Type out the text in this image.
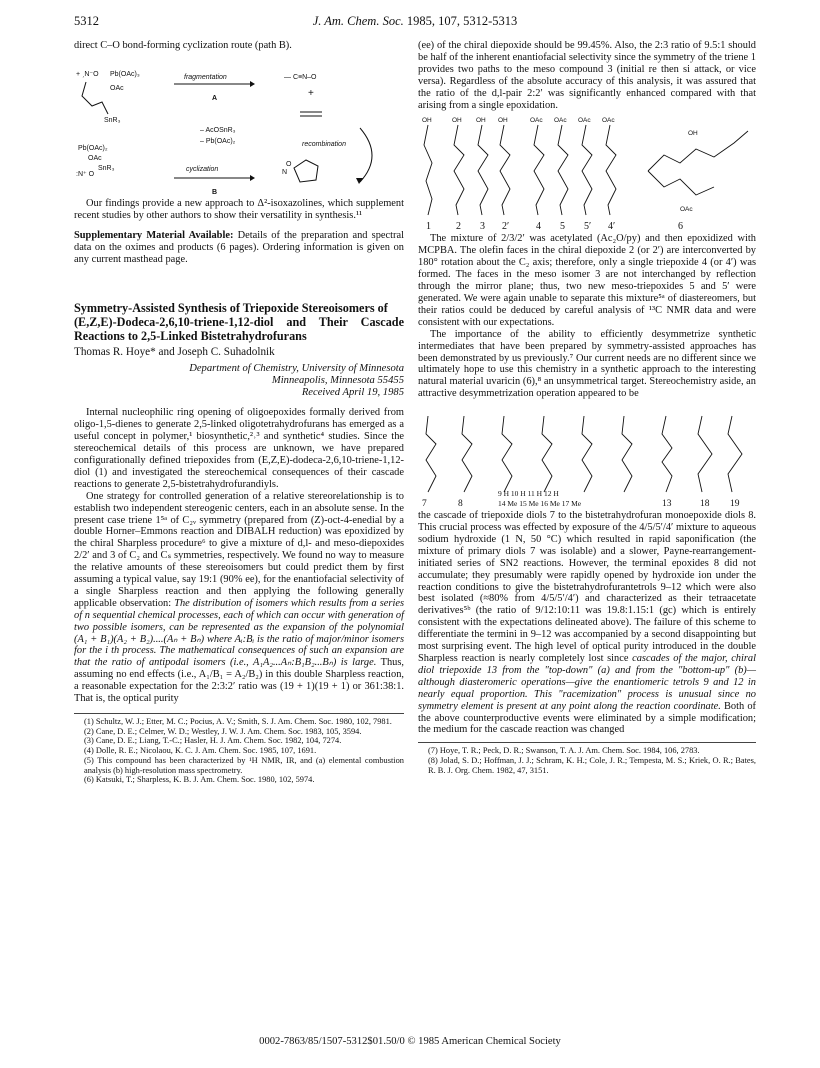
5312	J. Am. Chem. Soc. 1985, 107, 5312-5313

direct C–O bond-forming cyclization route (path B).

+ ˏN⁻O Pb(OAc)₃
OAc
SnR₃
fragmentation
A
— C≡N–O
+
– AcOSnR₃
– Pb(OAc)₂	recombination
Pb(OAc)₂
OAc
:N⁺ O
SnR₃	cyclization
B
N
O

Our findings provide a new approach to Δ²-isoxazolines, which supplement recent studies by other authors to show their versatility in synthesis.¹¹

Supplementary Material Available: Details of the preparation and spectral data on the oximes and products (6 pages). Ordering information is given on any current masthead page.

Symmetry-Assisted Synthesis of Triepoxide Stereoisomers of
(E,Z,E)-Dodeca-2,6,10-triene-1,12-diol and Their Cascade Reactions to 2,5-Linked Bistetrahydrofurans
Thomas R. Hoye* and Joseph C. Suhadolnik
Department of Chemistry, University of Minnesota
Minneapolis, Minnesota 55455
Received April 19, 1985

Internal nucleophilic ring opening of oligoepoxides formally derived from oligo-1,5-dienes to generate 2,5-linked oligotetrahydrofurans has emerged as a useful concept in polymer,¹ biosynthetic,²˒³ and synthetic⁴ studies. Since the stereochemical details of this process are unknown, we have prepared configurationally defined triepoxides from (E,Z,E)-dodeca-2,6,10-triene-1,12-diol (1) and investigated the stereochemical consequences of their cascade reactions to generate 2,5-bistetrahydrofurandiyls.

One strategy for controlled generation of a relative stereorelationship is to establish two independent stereogenic centers, each in an absolute sense. In the present case triene 1⁵ᵃ of C₂ᵥ symmetry (prepared from (Z)-oct-4-enedial by a double Horner–Emmons reaction and DIBALH reduction) was epoxidized by the chiral Sharpless procedure⁶ to give a mixture of d,l- and meso-diepoxides 2/2′ and 3 of C₂ and Cₛ symmetries, respectively. We found no way to measure the relative amounts of these stereoisomers but could predict them by first assuming a typical value, say 19:1 (90% ee), for the enantiofacial selectivity of a single Sharpless reaction and then applying the following generally applicable observation: The distribution of isomers which results from a series of n sequential chemical processes, each of which can occur with generation of two possible isomers, can be represented as the expansion of the polynomial (A₁ + B₁)(A₂ + B₂)....(Aₙ + Bₙ) where Aᵢ:Bᵢ is the ratio of major/minor isomers for the i th process. The mathematical consequences of such an expansion are that the ratio of antipodal isomers (i.e., A₁A₂...Aₙ:B₁B₂...Bₙ) is large. Thus, assuming no end effects (i.e., A₁/B₁ = A₂/B₂) in this double Sharpless reaction, a reasonable expectation for the 2:3:2′ ratio was (19 + 1)(19 + 1) or 361:38:1. That is, the optical purity

(1) Schultz, W. J.; Etter, M. C.; Pocius, A. V.; Smith, S. J. Am. Chem. Soc. 1980, 102, 7981.
(2) Cane, D. E.; Celmer, W. D.; Westley, J. W. J. Am. Chem. Soc. 1983, 105, 3594.
(3) Cane, D. E.; Liang, T.-C.; Hasler, H. J. Am. Chem. Soc. 1982, 104, 7274.
(4) Dolle, R. E.; Nicolaou, K. C. J. Am. Chem. Soc. 1985, 107, 1691.
(5) This compound has been characterized by ¹H NMR, IR, and (a) elemental combustion analysis (b) high-resolution mass spectrometry.
(6) Katsuki, T.; Sharpless, K. B. J. Am. Chem. Soc. 1980, 102, 5974.

(ee) of the chiral diepoxide should be 99.45%. Also, the 2:3 ratio of 9.5:1 should be half of the inherent enantiofacial selectivity since the symmetry of the triene 1 provides two paths to the meso compound 3 (initial re then si attack, or vice versa). Regardless of the absolute accuracy of this analysis, it was assured that the ratio of the d,l-pair 2:2′ was significantly enhanced compared with that arising from a single epoxidation.

OH	OH OH OH	OAc OAc OAc OAc
OH
OAc
1	2 3 2′	4 5 5′ 4′	6

The mixture of 2/3/2′ was acetylated (Ac₂O/py) and then epoxidized with MCPBA. The olefin faces in the chiral diepoxide 2 (or 2′) are interconverted by 180° rotation about the C₂ axis; therefore, only a single triepoxide 4 (or 4′) was formed. The faces in the meso isomer 3 are not interchanged by reflection through the mirror plane; thus, two new meso-triepoxides 5 and 5′ were generated. We were again unable to separate this mixture⁵ᵃ of diastereomers, but their ratios could be deduced by careful analysis of ¹³C NMR data and were consistent with our expectations.

The importance of the ability to efficiently desymmetrize synthetic intermediates that have been prepared by symmetry-assisted approaches has been demonstrated by us previously.⁷ Our current needs are no different since we ultimately hope to use this chemistry in a synthetic approach to the interesting natural material uvaricin (6),⁸ an unsymmetrical target. Stereochemistry aside, an attractive desymmetrization operation appeared to be

7	8
9 H 10 H 11 H 12 H
14 Me 15 Me 16 Me 17 Me	13	18 19

the cascade of triepoxide diols 7 to the bistetrahydrofuran monoepoxide diols 8. This crucial process was effected by exposure of the 4/5/5′/4′ mixture to aqueous sodium hydroxide (1 N, 50 °C) which resulted in rapid saponification (the mixture of primary diols 7 was isolable) and a slower, Payne-rearrangement-initiated series of SN2 reactions. However, the terminal epoxides 8 did not accumulate; they presumably were rapidly opened by hydroxide ion under the reaction conditions to give the bistetrahydrofurantetrols 9–12 which were also best isolated (≈80% from 4/5/5′/4′) and characterized as their tetraacetate derivatives⁵ᵇ (the ratio of 9/12:10:11 was 19.8:1.15:1 (gc) which is entirely consistent with the expectations delineated above). The failure of this scheme to differentiate the termini in 9–12 was accompanied by a second disappointing but most surprising event. The high level of optical purity introduced in the double Sharpless reaction is nearly completely lost since cascades of the major, chiral diol triepoxide 13 from the "top-down" (a) and from the "bottom-up" (b)—although diasteromeric operations—give the enantiomeric tetrols 9 and 12 in nearly equal proportion. This "racemization" process is unusual since no symmetry element is present at any point along the reaction coordinate. Both of the above counterproductive events were eliminated by a simple modification; the medium for the cascade reaction was changed

(7) Hoye, T. R.; Peck, D. R.; Swanson, T. A. J. Am. Chem. Soc. 1984, 106, 2783.
(8) Jolad, S. D.; Hoffman, J. J.; Schram, K. H.; Cole, J. R.; Tempesta, M. S.; Kriek, O. R.; Bates, R. B. J. Org. Chem. 1982, 47, 3151.
0002-7863/85/1507-5312$01.50/0 © 1985 American Chemical Society
